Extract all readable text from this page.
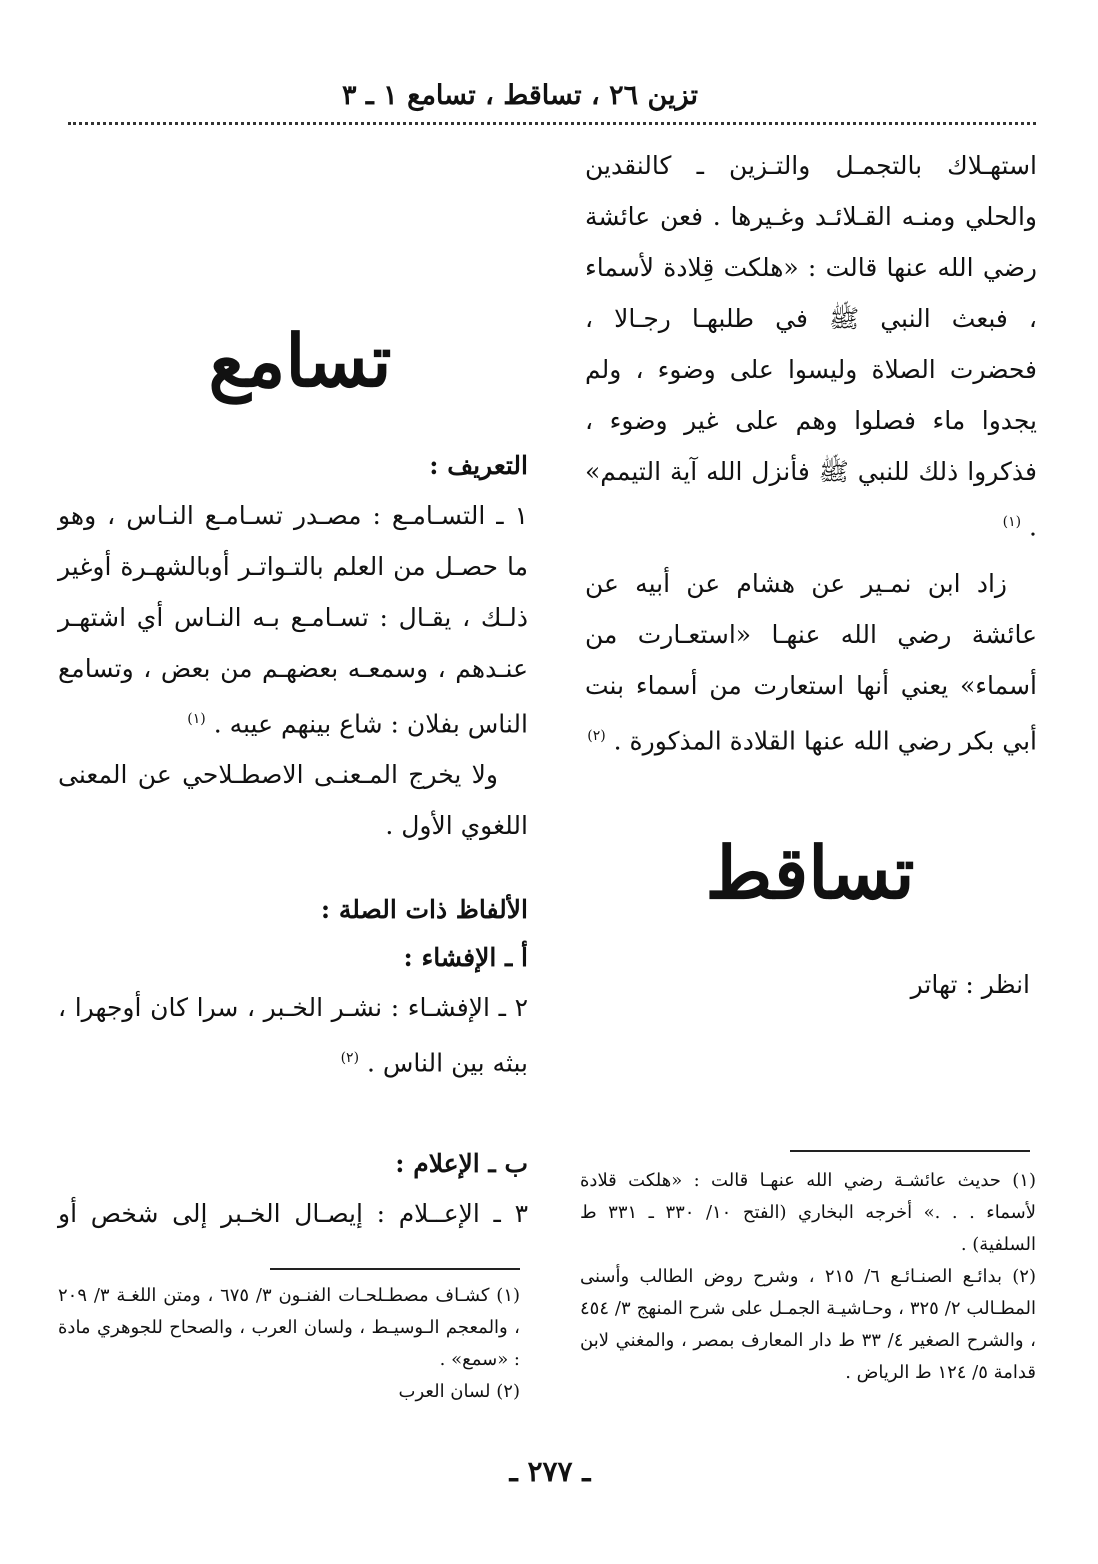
تزين ٢٦ ، تساقط ، تسامع ١ ـ ٣

استهـلاك بالتجمـل والتـزين ـ كالنقدين والحلي ومنـه القـلائـد وغـيرها . فعن عائشة رضي الله عنها قالت : «هلكت قِلادة لأسماء ، فبعث النبي ﷺ في طلبهـا رجـالا ، فحضرت الصلاة وليسوا على وضوء ، ولم يجدوا ماء فصلوا وهم على غير وضوء ، فذكروا ذلك للنبي ﷺ فأنزل الله آية التيمم» . $^{(١)}$

زاد ابن نمـير عن هشام عن أبيه عن عائشة رضي الله عنهـا «استعـارت من أسماء» يعني أنها استعارت من أسماء بنت أبي بكر رضي الله عنها القلادة المذكورة . $^{(٢)}$

تساقط
انظر : تهاتر
تسامع

التعريف :

١ ـ التسـامـع : مصـدر تسـامـع النـاس ، وهو ما حصـل من العلم بالتـواتـر أوبالشهـرة أوغير ذلـك ، يقـال : تسـامـع بـه النـاس أي اشتهـر عنـدهم ، وسمعـه بعضهـم من بعض ، وتسامع الناس بفلان : شاع بينهم عيبه . $^{(١)}$

ولا يخرج المـعنـى الاصطـلاحي عن المعنى اللغوي الأول .

الألفاظ ذات الصلة :

أ ـ الإفشاء :

٢ ـ الإفشـاء : نشـر الخـبر ، سرا كان أوجهرا ، ببثه بين الناس . $^{(٢)}$

ب ـ الإعلام :

٣ ـ الإعــلام : إيصـال الخـبر إلى شخص أو

(١) حديث عائشـة رضي الله عنهـا قالت : «هلكت قلادة لأسماء . . .» أخرجه البخاري (الفتح ١٠/ ٣٣٠ ـ ٣٣١ ط السلفية) .

(٢) بدائـع الصنـائـع ٦/ ٢١٥ ، وشرح روض الطالب وأسنى المطـالب ٢/ ٣٢٥ ، وحـاشيـة الجمـل على شرح المنهج ٣/ ٤٥٤ ، والشرح الصغير ٤/ ٣٣ ط دار المعارف بمصر ، والمغني لابن قدامة ٥/ ١٢٤ ط الرياض .

(١) كشـاف مصطـلحـات الفنـون ٣/ ٦٧٥ ، ومتن اللغـة ٣/ ٢٠٩ ، والمعجم الـوسيـط ، ولسان العرب ، والصحاح للجوهري مادة : «سمع» .

(٢) لسان العرب

ـ ٢٧٧ ـ
